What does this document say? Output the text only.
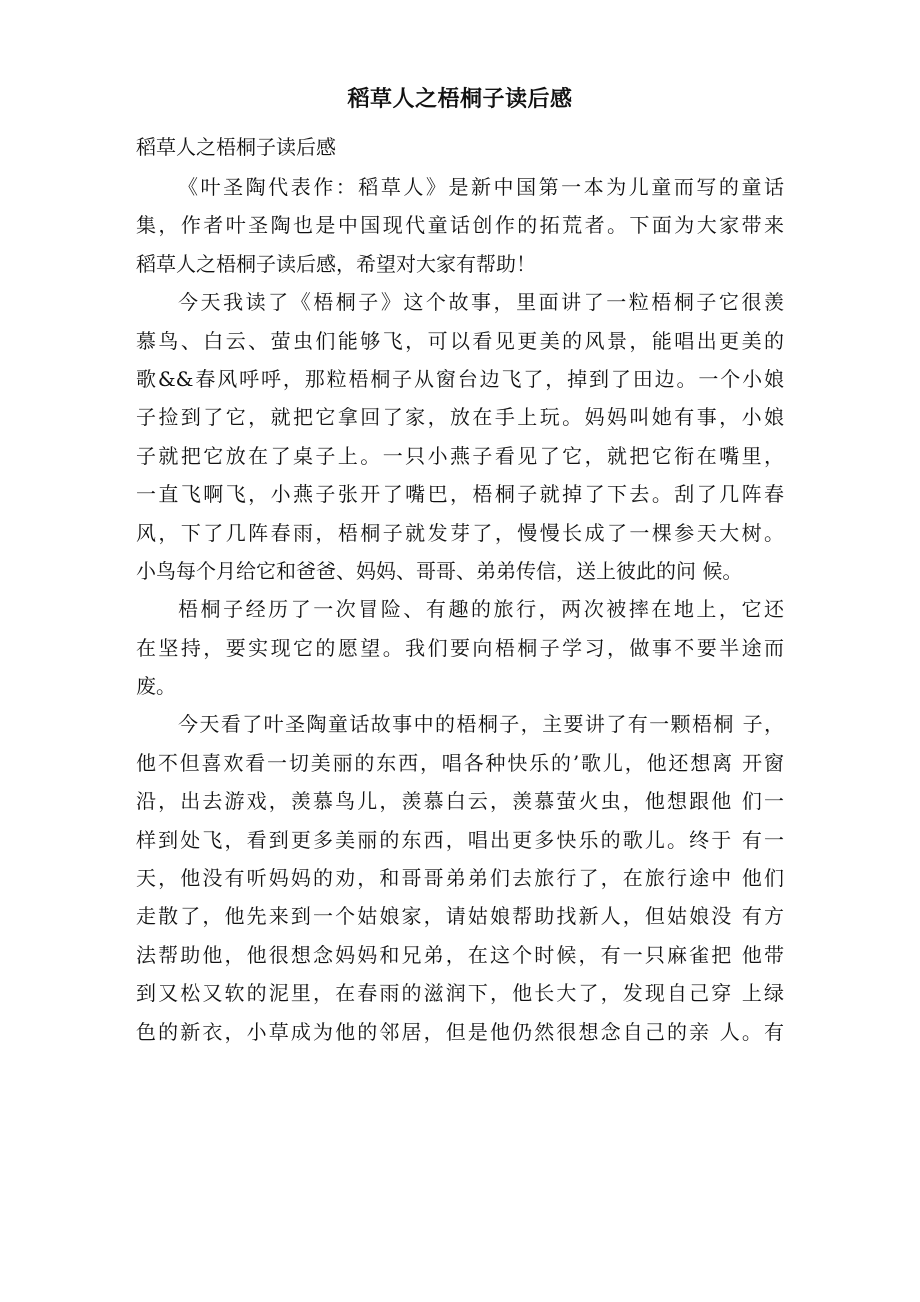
稻草人之梧桐子读后感

稻草人之梧桐子读后感

《叶圣陶代表作：稻草人》是新中国第一本为儿童而写的童话
集，作者叶圣陶也是中国现代童话创作的拓荒者。下面为大家带来
稻草人之梧桐子读后感，希望对大家有帮助！
今天我读了《梧桐子》这个故事，里面讲了一粒梧桐子它很羡
慕鸟、白云、萤虫们能够飞，可以看见更美的风景，能唱出更美的
歌&&春风呼呼，那粒梧桐子从窗台边飞了，掉到了田边。一个小娘
子捡到了它，就把它拿回了家，放在手上玩。妈妈叫她有事，小娘
子就把它放在了桌子上。一只小燕子看见了它，就把它衔在嘴里，
一直飞啊飞，小燕子张开了嘴巴，梧桐子就掉了下去。刮了几阵春
风，下了几阵春雨，梧桐子就发芽了，慢慢长成了一棵参天大树。
小鸟每个月给它和爸爸、妈妈、哥哥、弟弟传信，送上彼此的问 候。
梧桐子经历了一次冒险、有趣的旅行，两次被摔在地上，它还
在坚持，要实现它的愿望。我们要向梧桐子学习，做事不要半途而
废。
今天看了叶圣陶童话故事中的梧桐子，主要讲了有一颗梧桐 子，
他不但喜欢看一切美丽的东西，唱各种快乐的’歌儿，他还想离 开窗
沿，出去游戏，羡慕鸟儿，羡慕白云，羡慕萤火虫，他想跟他 们一
样到处飞，看到更多美丽的东西，唱出更多快乐的歌儿。终于 有一
天，他没有听妈妈的劝，和哥哥弟弟们去旅行了，在旅行途中 他们
走散了，他先来到一个姑娘家，请姑娘帮助找新人，但姑娘没 有方
法帮助他，他很想念妈妈和兄弟，在这个时候，有一只麻雀把 他带
到又松又软的泥里，在春雨的滋润下，他长大了，发现自己穿 上绿
色的新衣，小草成为他的邻居，但是他仍然很想念自己的亲 人。有
